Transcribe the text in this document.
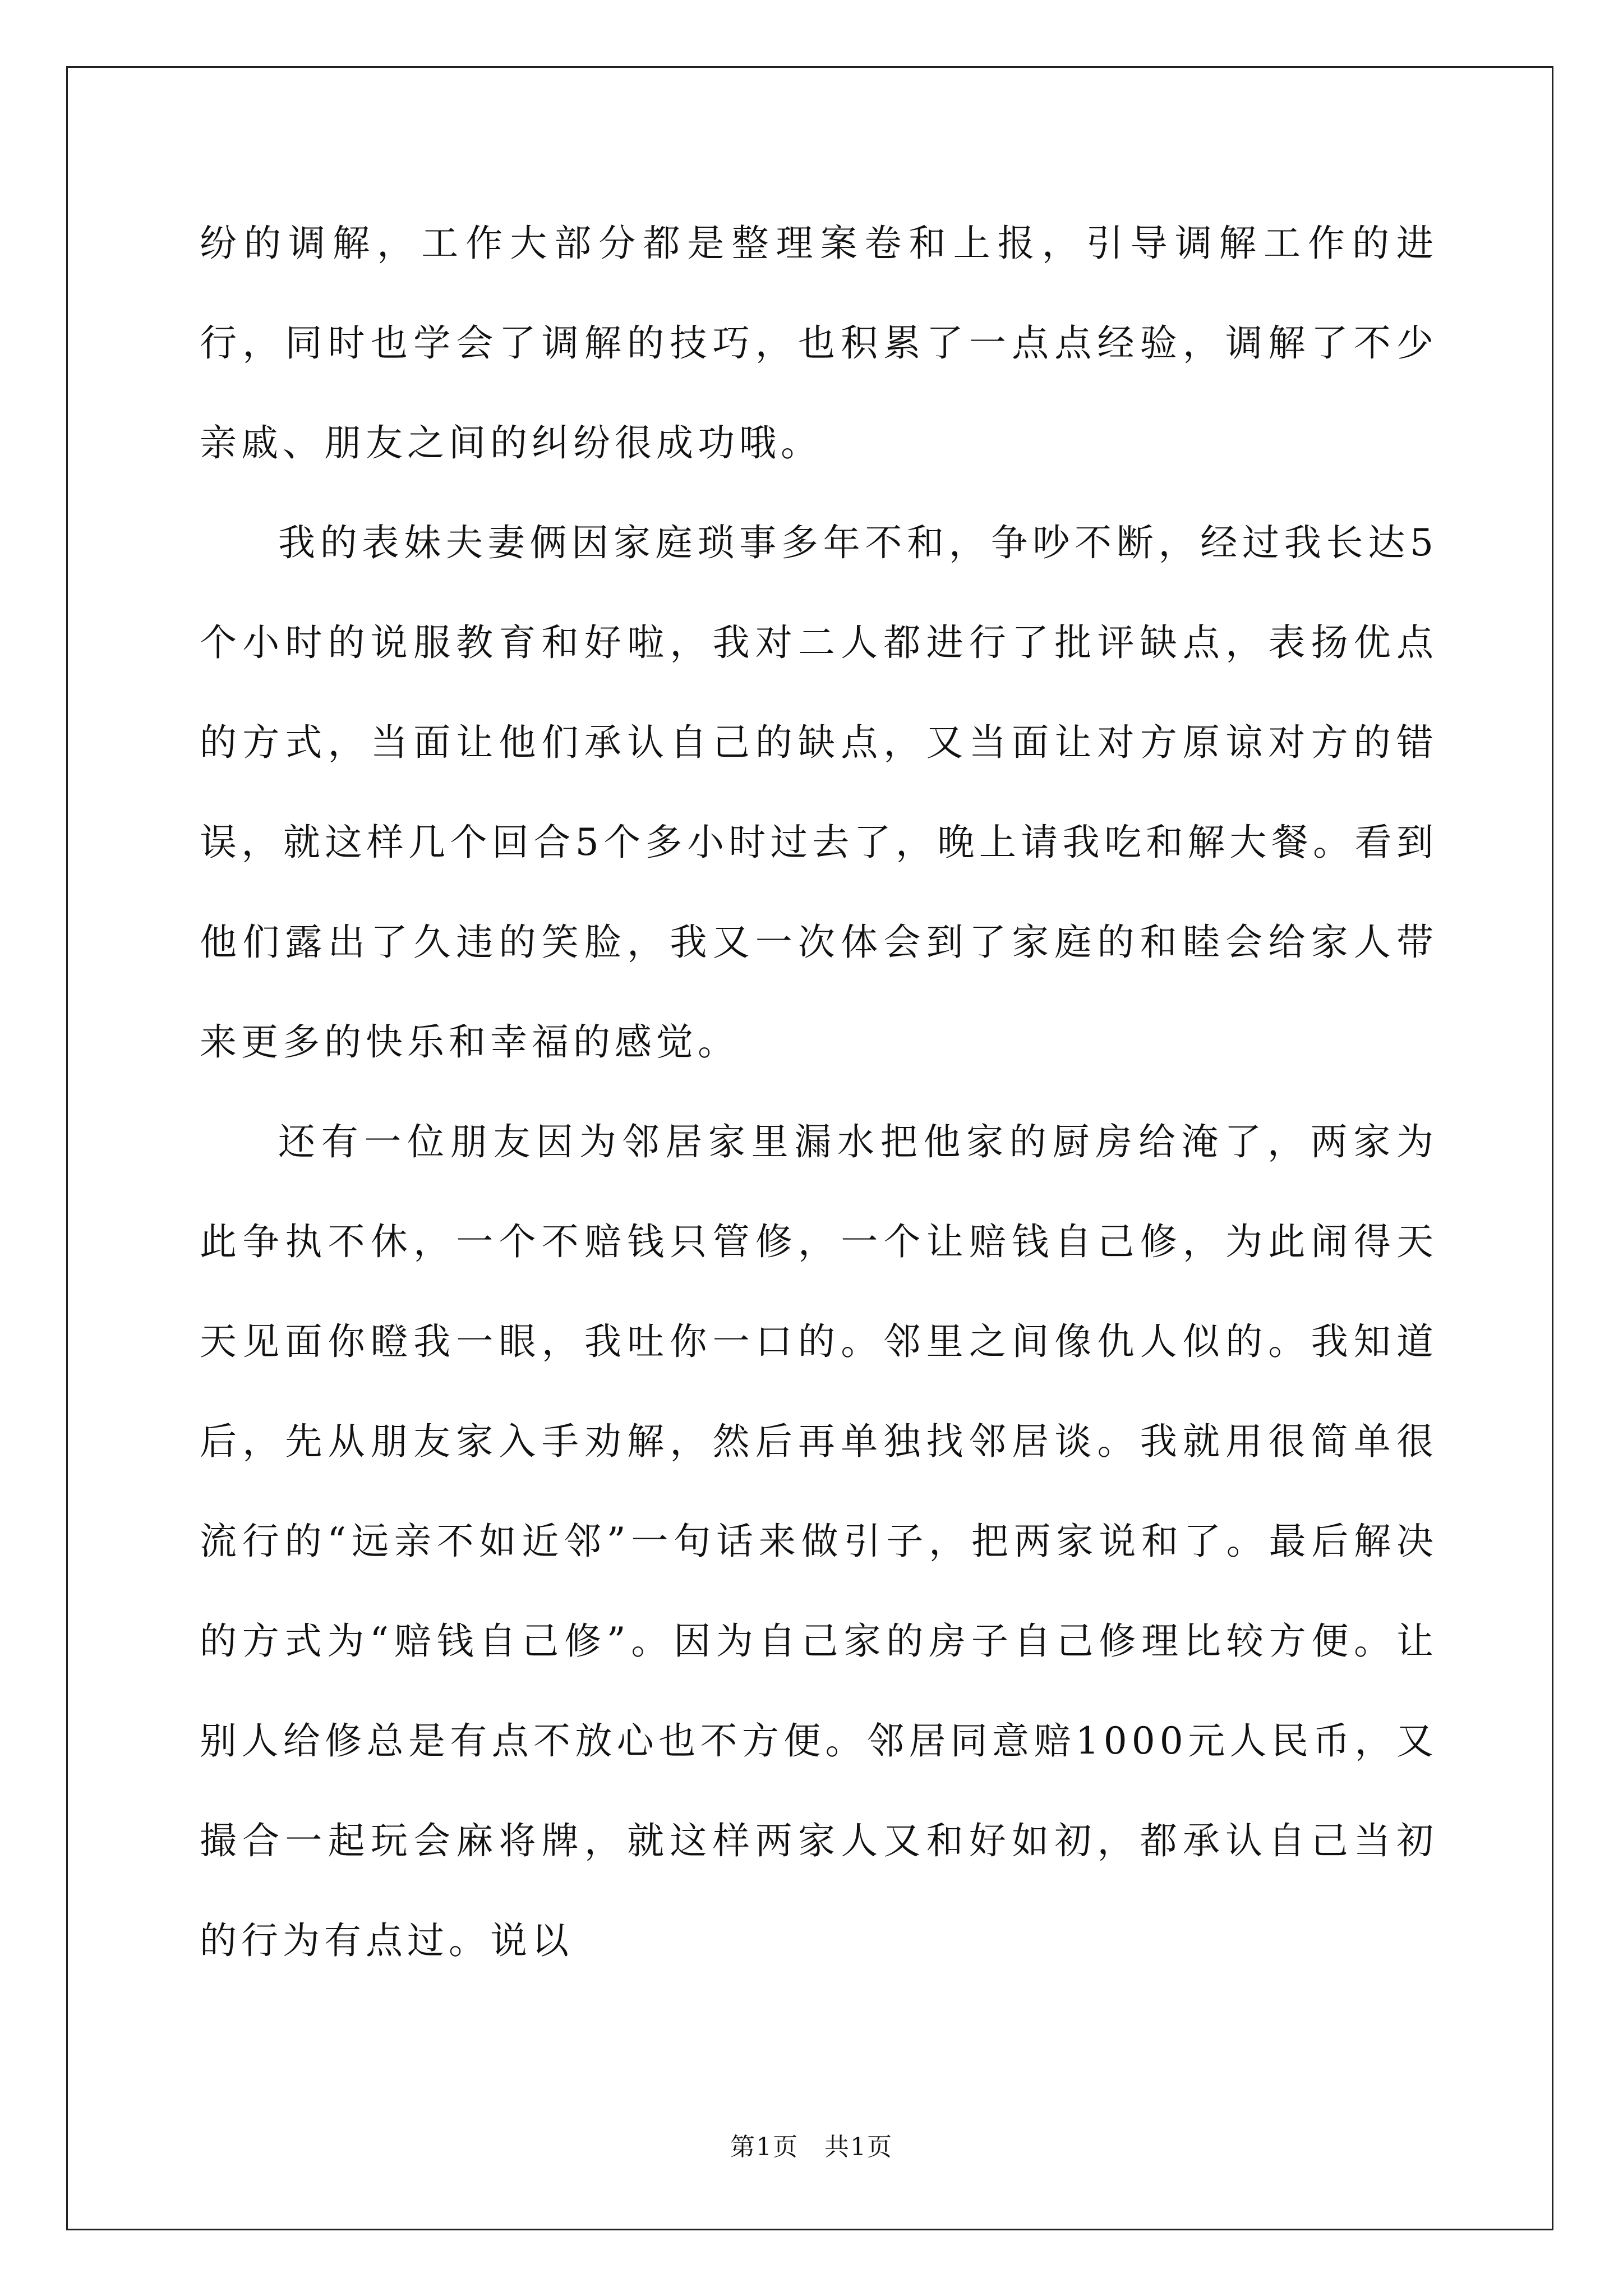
纷的调解，工作大部分都是整理案卷和上报，引导调解工作的进行，同时也学会了调解的技巧，也积累了一点点经验，调解了不少亲戚、朋友之间的纠纷很成功哦。

我的表妹夫妻俩因家庭琐事多年不和，争吵不断，经过我长达5个小时的说服教育和好啦，我对二人都进行了批评缺点，表扬优点的方式，当面让他们承认自己的缺点，又当面让对方原谅对方的错误，就这样几个回合5个多小时过去了，晚上请我吃和解大餐。看到他们露出了久违的笑脸，我又一次体会到了家庭的和睦会给家人带来更多的快乐和幸福的感觉。

还有一位朋友因为邻居家里漏水把他家的厨房给淹了，两家为此争执不休，一个不赔钱只管修，一个让赔钱自己修，为此闹得天天见面你瞪我一眼，我吐你一口的。邻里之间像仇人似的。我知道后，先从朋友家入手劝解，然后再单独找邻居谈。我就用很简单很流行的“远亲不如近邻”一句话来做引子，把两家说和了。最后解决的方式为“赔钱自己修”。因为自己家的房子自己修理比较方便。让别人给修总是有点不放心也不方便。邻居同意赔1000元人民币，又撮合一起玩会麻将牌，就这样两家人又和好如初，都承认自己当初的行为有点过。说以

第1页　共1页
